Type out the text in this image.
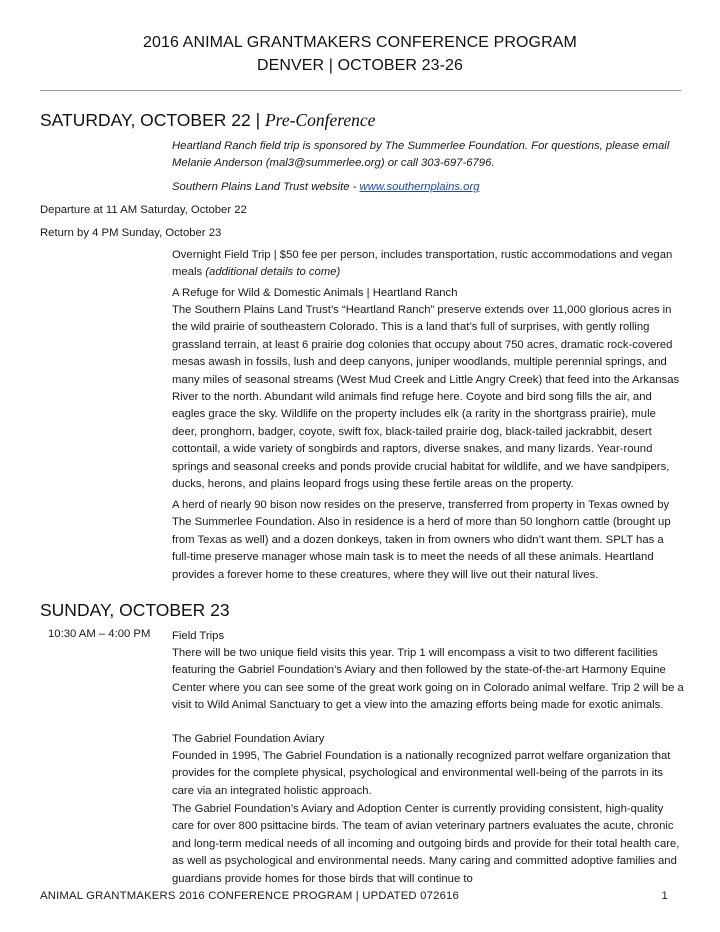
2016 ANIMAL GRANTMAKERS CONFERENCE PROGRAM
DENVER | OCTOBER 23-26
SATURDAY, OCTOBER 22 | Pre-Conference
Heartland Ranch field trip is sponsored by The Summerlee Foundation. For questions, please email Melanie Anderson (mal3@summerlee.org) or call 303-697-6796.
Southern Plains Land Trust website - www.southernplains.org
Departure at 11 AM Saturday, October 22
Return by 4 PM Sunday, October 23
Overnight Field Trip | $50 fee per person, includes transportation, rustic accommodations and vegan meals (additional details to come)
A Refuge for Wild & Domestic Animals | Heartland Ranch
The Southern Plains Land Trust’s “Heartland Ranch” preserve extends over 11,000 glorious acres in the wild prairie of southeastern Colorado. This is a land that’s full of surprises, with gently rolling grassland terrain, at least 6 prairie dog colonies that occupy about 750 acres, dramatic rock-covered mesas awash in fossils, lush and deep canyons, juniper woodlands, multiple perennial springs, and many miles of seasonal streams (West Mud Creek and Little Angry Creek) that feed into the Arkansas River to the north. Abundant wild animals find refuge here. Coyote and bird song fills the air, and eagles grace the sky. Wildlife on the property includes elk (a rarity in the shortgrass prairie), mule deer, pronghorn, badger, coyote, swift fox, black-tailed prairie dog, black-tailed jackrabbit, desert cottontail, a wide variety of songbirds and raptors, diverse snakes, and many lizards. Year-round springs and seasonal creeks and ponds provide crucial habitat for wildlife, and we have sandpipers, ducks, herons, and plains leopard frogs using these fertile areas on the property.
A herd of nearly 90 bison now resides on the preserve, transferred from property in Texas owned by The Summerlee Foundation. Also in residence is a herd of more than 50 longhorn cattle (brought up from Texas as well) and a dozen donkeys, taken in from owners who didn’t want them. SPLT has a full-time preserve manager whose main task is to meet the needs of all these animals. Heartland provides a forever home to these creatures, where they will live out their natural lives.
SUNDAY, OCTOBER 23
10:30 AM – 4:00 PM Field Trips
There will be two unique field visits this year. Trip 1 will encompass a visit to two different facilities featuring the Gabriel Foundation’s Aviary and then followed by the state-of-the-art Harmony Equine Center where you can see some of the great work going on in Colorado animal welfare. Trip 2 will be a visit to Wild Animal Sanctuary to get a view into the amazing efforts being made for exotic animals.
The Gabriel Foundation Aviary
Founded in 1995, The Gabriel Foundation is a nationally recognized parrot welfare organization that provides for the complete physical, psychological and environmental well-being of the parrots in its care via an integrated holistic approach.
The Gabriel Foundation’s Aviary and Adoption Center is currently providing consistent, high-quality care for over 800 psittacine birds. The team of avian veterinary partners evaluates the acute, chronic and long-term medical needs of all incoming and outgoing birds and provide for their total health care, as well as psychological and environmental needs. Many caring and committed adoptive families and guardians provide homes for those birds that will continue to
ANIMAL GRANTMAKERS 2016 CONFERENCE PROGRAM | UPDATED 072616	1
